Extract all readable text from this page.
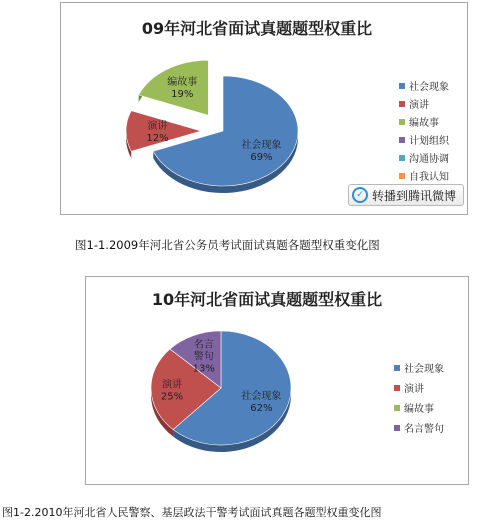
09年河北省面试真题题型权重比
社会现象 69%
演讲 12%
编故事 19%
社会现象
演讲
编故事
计划组织
沟通协调
自我认知
✓ 转播到腾讯微博
图1-1.2009年河北省公务员考试面试真题各题型权重变化图
10年河北省面试真题题型权重比
社会现象 62%
演讲 25%
名言警句 13%	社会现象
演讲
编故事
名言警句
图1-2.2010年河北省人民警察、基层政法干警考试面试真题各题型权重变化图
